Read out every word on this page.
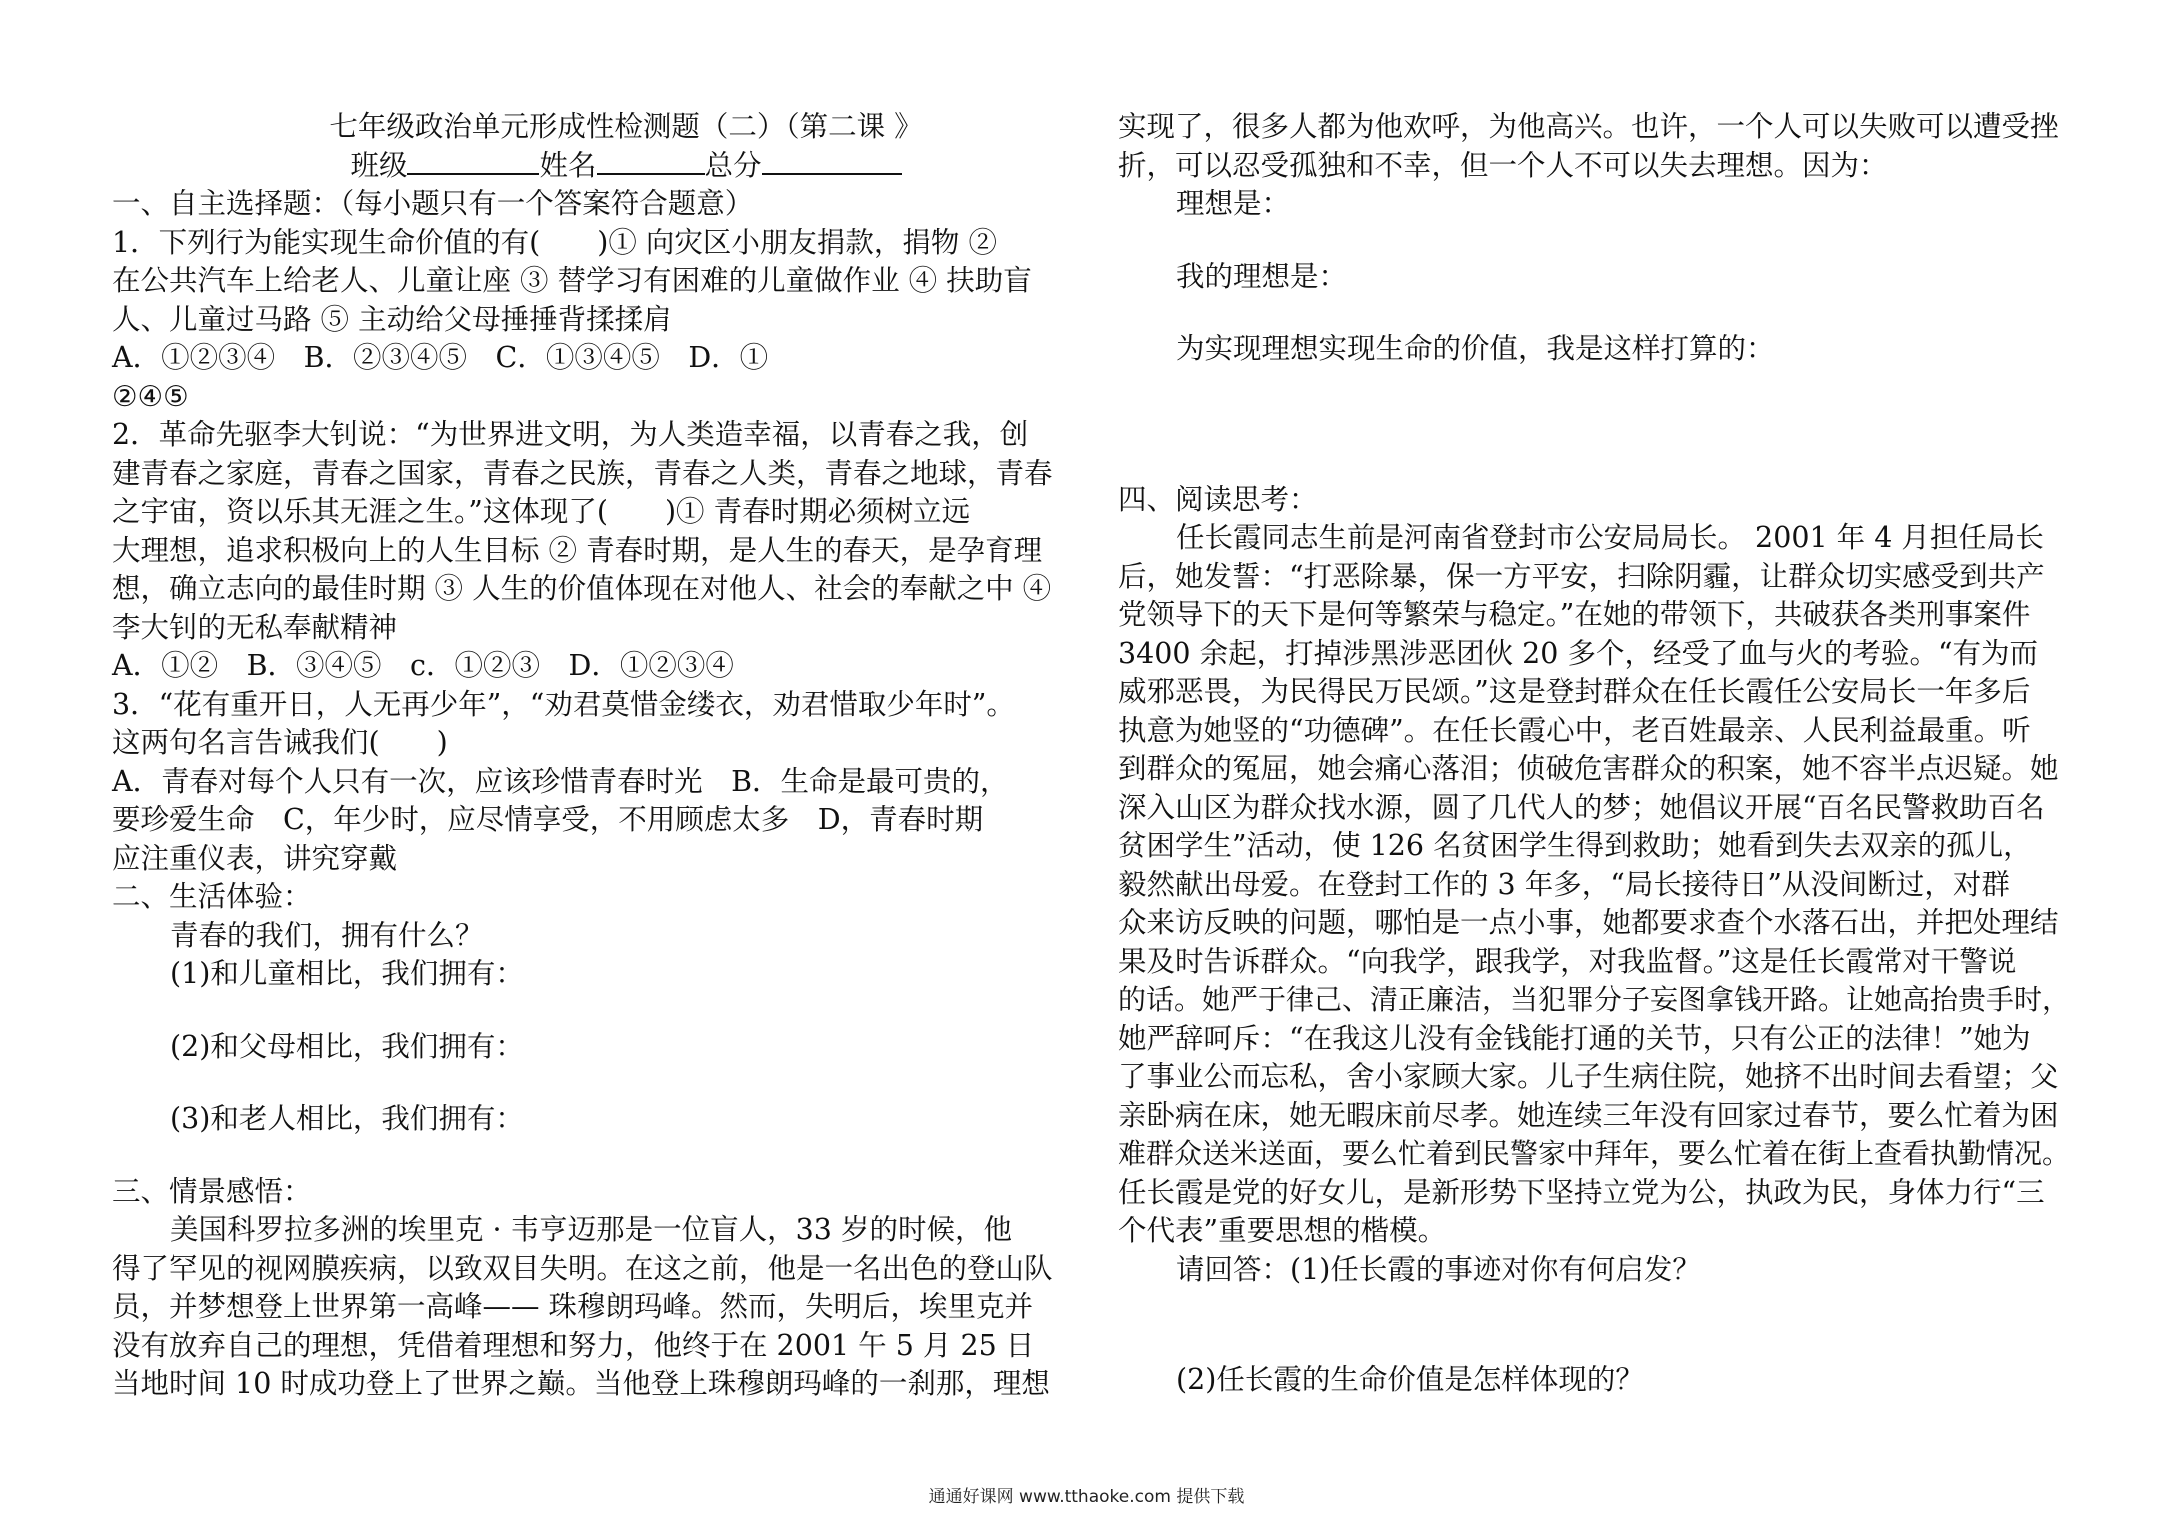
七年级政治单元形成性检测题（二）（第二课 》
班级	姓名	总分
一、自主选择题：（每小题只有一个答案符合题意）
1．下列行为能实现生命价值的有(　　)① 向灾区小朋友捐款，捐物 ②
在公共汽车上给老人、儿童让座 ③ 替学习有困难的儿童做作业 ④ 扶助盲
人、儿童过马路 ⑤ 主动给父母捶捶背揉揉肩
A．①②③④　B．②③④⑤　C．①③④⑤　D．①
②④⑤
2．革命先驱李大钊说：“为世界进文明，为人类造幸福，以青春之我，创
建青春之家庭，青春之国家，青春之民族，青春之人类，青春之地球，青春
之宇宙，资以乐其无涯之生。”这体现了(　　)① 青春时期必须树立远
大理想，追求积极向上的人生目标 ② 青春时期，是人生的春天，是孕育理
想，确立志向的最佳时期 ③ 人生的价值体现在对他人、社会的奉献之中 ④
李大钊的无私奉献精神
A．①②　B．③④⑤　c．①②③　D．①②③④
3．“花有重开日，人无再少年”，“劝君莫惜金缕衣，劝君惜取少年时”。
这两句名言告诫我们(　　)
A．青春对每个人只有一次，应该珍惜青春时光　B．生命是最可贵的，
要珍爱生命　C，年少时，应尽情享受，不用顾虑太多　D，青春时期
应注重仪表，讲究穿戴
二、生活体验：
青春的我们，拥有什么？
(1)和儿童相比，我们拥有：
(2)和父母相比，我们拥有：
(3)和老人相比，我们拥有：
三、情景感悟：
美国科罗拉多洲的埃里克 · 韦亨迈那是一位盲人，33 岁的时候，他
得了罕见的视网膜疾病，以致双目失明。在这之前，他是一名出色的登山队
员，并梦想登上世界第一高峰—— 珠穆朗玛峰。然而，失明后，埃里克并
没有放弃自己的理想，凭借着理想和努力，他终于在 2001 午 5 月 25 日
当地时间 10 时成功登上了世界之巅。当他登上珠穆朗玛峰的一刹那，理想
实现了，很多人都为他欢呼，为他高兴。也许，一个人可以失败可以遭受挫
折，可以忍受孤独和不幸，但一个人不可以失去理想。因为：
理想是：
我的理想是：
为实现理想实现生命的价值，我是这样打算的：
四、阅读思考：
任长霞同志生前是河南省登封市公安局局长。 2001 年 4 月担任局长
后，她发誓：“打恶除暴，保一方平安，扫除阴霾，让群众切实感受到共产
党领导下的天下是何等繁荣与稳定。”在她的带领下，共破获各类刑事案件
3400 余起，打掉涉黑涉恶团伙 20 多个，经受了血与火的考验。“有为而
威邪恶畏，为民得民万民颂。”这是登封群众在任长霞任公安局长一年多后
执意为她竖的“功德碑”。在任长霞心中，老百姓最亲、人民利益最重。听
到群众的冤屈，她会痛心落泪；侦破危害群众的积案，她不容半点迟疑。她
深入山区为群众找水源，圆了几代人的梦；她倡议开展“百名民警救助百名
贫困学生”活动，使 126 名贫困学生得到救助；她看到失去双亲的孤儿，
毅然献出母爱。在登封工作的 3 年多，“局长接待日”从没间断过，对群
众来访反映的问题，哪怕是一点小事，她都要求查个水落石出，并把处理结
果及时告诉群众。“向我学，跟我学，对我监督。”这是任长霞常对干警说
的话。她严于律己、清正廉洁，当犯罪分子妄图拿钱开路。让她高抬贵手时，
她严辞呵斥：“在我这儿没有金钱能打通的关节，只有公正的法律！”她为
了事业公而忘私，舍小家顾大家。儿子生病住院，她挤不出时间去看望；父
亲卧病在床，她无暇床前尽孝。她连续三年没有回家过春节，要么忙着为困
难群众送米送面，要么忙着到民警家中拜年，要么忙着在街上查看执勤情况。
任长霞是党的好女儿，是新形势下坚持立党为公，执政为民，身体力行“三
个代表”重要思想的楷模。
请回答：(1)任长霞的事迹对你有何启发？
(2)任长霞的生命价值是怎样体现的？
通通好课网 www.tthaoke.com 提供下载
